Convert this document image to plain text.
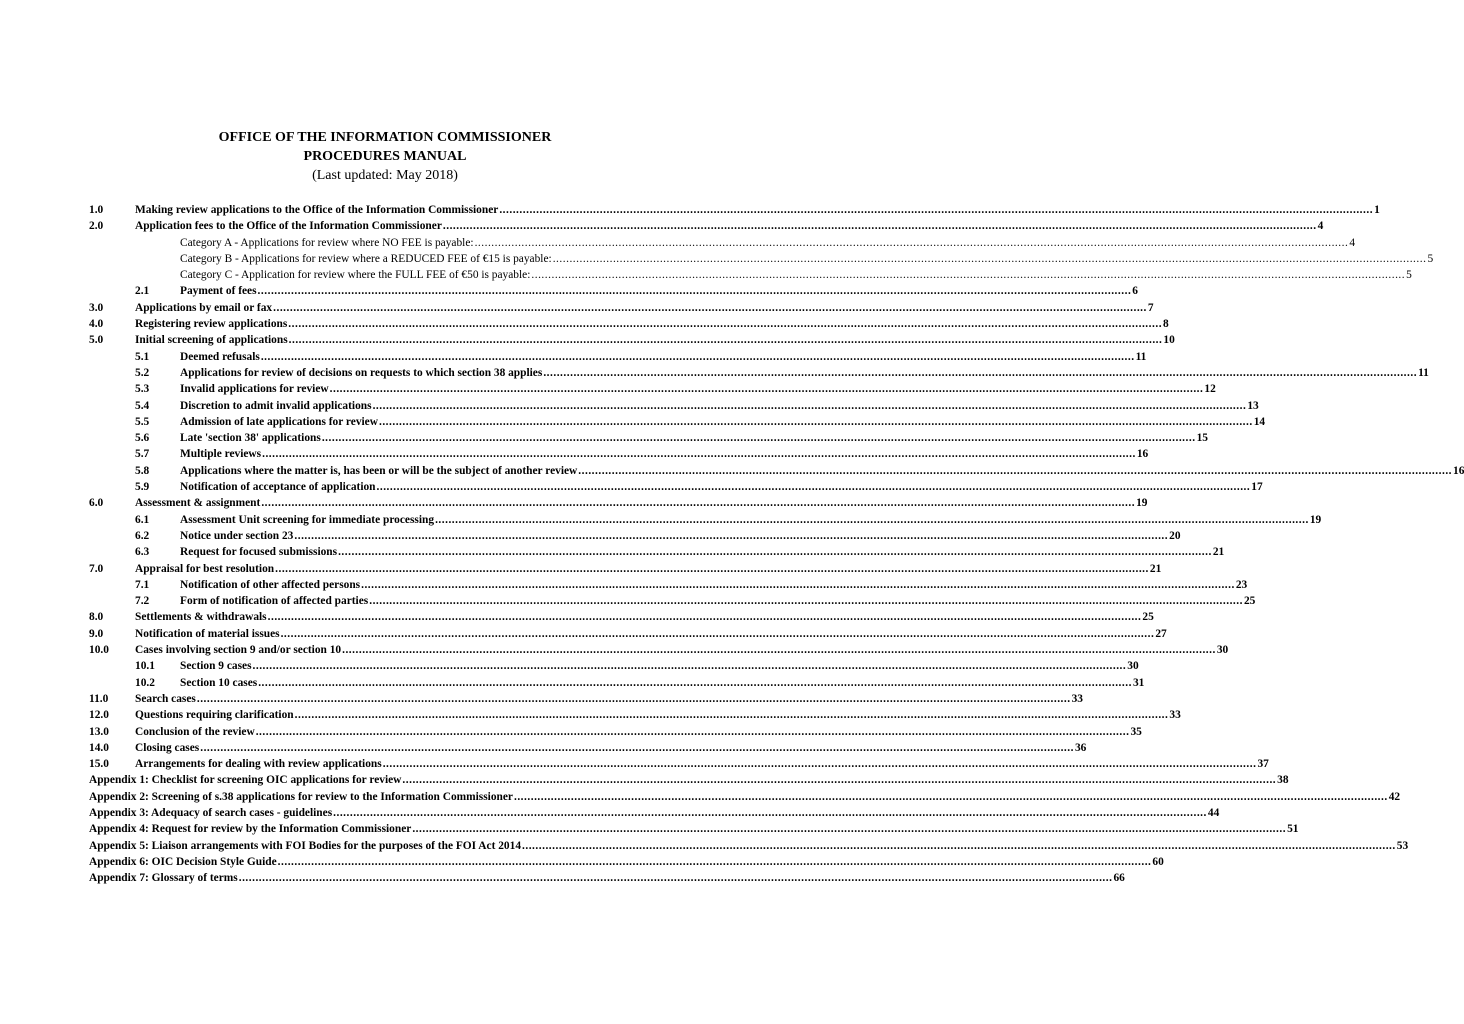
OFFICE OF THE INFORMATION COMMISSIONER
PROCEDURES MANUAL
(Last updated: May 2018)
1.0	Making review applications to the Office of the Information Commissioner .....	1
2.0	Application fees to the Office of the Information Commissioner .....	4
Category A - Applications for review where NO FEE is payable: .....	4
Category B - Applications for review where a REDUCED FEE of €15 is payable: .....	5
Category C - Application for review where the FULL FEE of €50 is payable: .....	5
2.1	Payment of fees .....	6
3.0	Applications by email or fax .....	7
4.0	Registering review applications .....	8
5.0	Initial screening of applications .....	10
5.1	Deemed refusals .....	11
5.2	Applications for review of decisions on requests to which section 38 applies .....	11
5.3	Invalid applications for review .....	12
5.4	Discretion to admit invalid applications .....	13
5.5	Admission of late applications for review .....	14
5.6	Late 'section 38' applications .....	15
5.7	Multiple reviews .....	16
5.8	Applications where the matter is, has been or will be the subject of another review .....	16
5.9	Notification of acceptance of application .....	17
6.0	Assessment & assignment .....	19
6.1	Assessment Unit screening for immediate processing .....	19
6.2	Notice under section 23 .....	20
6.3	Request for focused submissions .....	21
7.0	Appraisal for best resolution .....	21
7.1	Notification of other affected persons .....	23
7.2	Form of notification of affected parties .....	25
8.0	Settlements & withdrawals .....	25
9.0	Notification of material issues .....	27
10.0	Cases involving section 9 and/or section 10 .....	30
10.1	Section 9 cases .....	30
10.2	Section 10 cases .....	31
11.0	Search cases .....	33
12.0	Questions requiring clarification .....	33
13.0	Conclusion of the review .....	35
14.0	Closing cases .....	36
15.0	Arrangements for dealing with review applications .....	37
Appendix 1: Checklist for screening OIC applications for review .....	38
Appendix 2: Screening of s.38 applications for review to the Information Commissioner .....	42
Appendix 3: Adequacy of search cases - guidelines .....	44
Appendix 4: Request for review by the Information Commissioner .....	51
Appendix 5: Liaison arrangements with FOI Bodies for the purposes of the FOI Act 2014 .....	53
Appendix 6: OIC Decision Style Guide .....	60
Appendix 7: Glossary of terms .....	66
